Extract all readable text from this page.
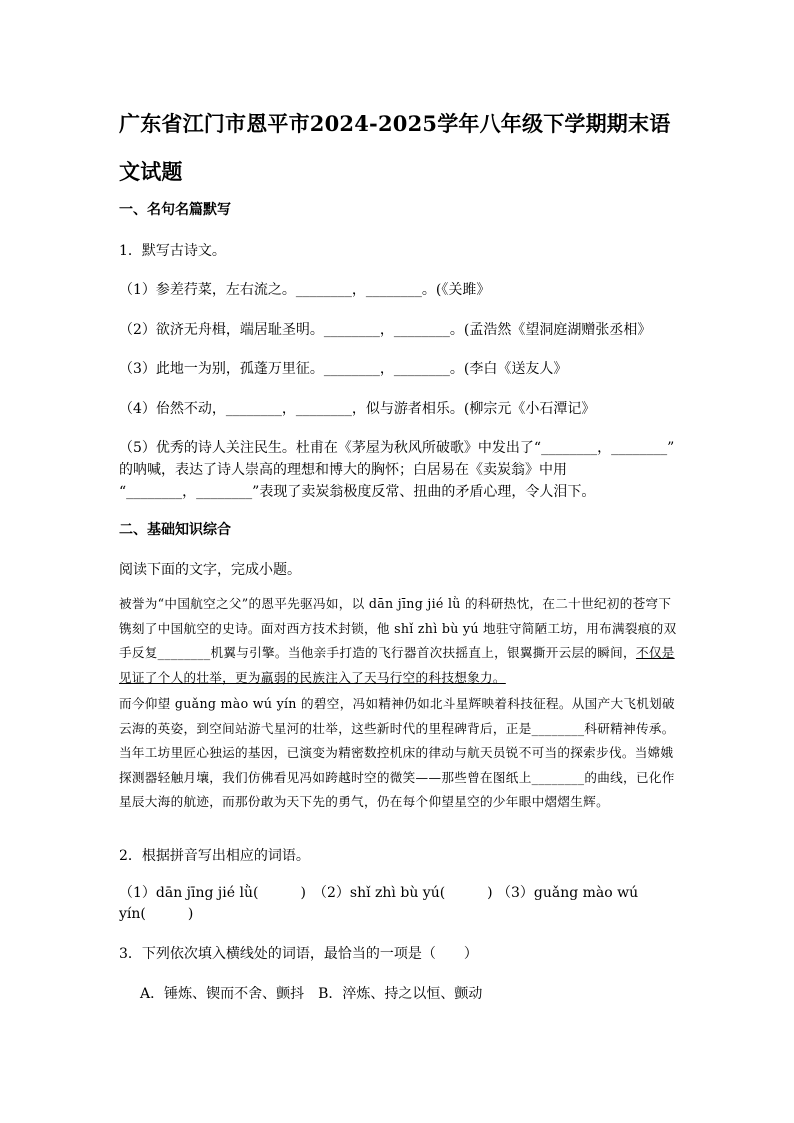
广东省江门市恩平市2024-2025学年八年级下学期期末语文试题
一、名句名篇默写
1．默写古诗文。
（1）参差荇菜，左右流之。________，________。(《关雎》
（2）欲济无舟楫，端居耻圣明。________，________。(孟浩然《望洞庭湖赠张丞相》
（3）此地一为别，孤蓬万里征。________，________。(李白《送友人》
（4）佁然不动，________，________，似与游者相乐。(柳宗元《小石潭记》
（5）优秀的诗人关注民生。杜甫在《茅屋为秋风所破歌》中发出了“________，________”
的呐喊，表达了诗人崇高的理想和博大的胸怀；白居易在《卖炭翁》中用
“________，________”表现了卖炭翁极度反常、扭曲的矛盾心理，令人泪下。
二、基础知识综合
阅读下面的文字，完成小题。
被誉为“中国航空之父”的恩平先驱冯如，以 dān jīng jié lǜ 的科研热忱，在二十世纪初的苍穹下镌刻了中国航空的史诗。面对西方技术封锁，他 shǐ zhì bù yú 地驻守简陋工坊，用布满裂痕的双手反复________机翼与引擎。当他亲手打造的飞行器首次扶摇直上，银翼撕开云层的瞬间，不仅是见证了个人的壮举，更为羸弱的民族注入了天马行空的科技想象力。
而今仰望 guǎng mào wú yín 的碧空，冯如精神仍如北斗星辉映着科技征程。从国产大飞机划破云海的英姿，到空间站游弋星河的壮举，这些新时代的里程碑背后，正是________科研精神传承。当年工坊里匠心独运的基因，已演变为精密数控机床的律动与航天员锐不可当的探索步伐。当嫦娥探测器轻触月壤，我们仿佛看见冯如跨越时空的微笑——那些曾在图纸上________的曲线，已化作星辰大海的航迹，而那份敢为天下先的勇气，仍在每个仰望星空的少年眼中熠熠生辉。
2．根据拼音写出相应的词语。
（1）dān jīng jié lǜ(　　　) （2）shǐ zhì bù yú(　　　) （3）guǎng mào wú
yín(　　　)
3．下列依次填入横线处的词语，最恰当的一项是（　　）
A．锤炼、锲而不舍、颤抖　B．淬炼、持之以恒、颤动
